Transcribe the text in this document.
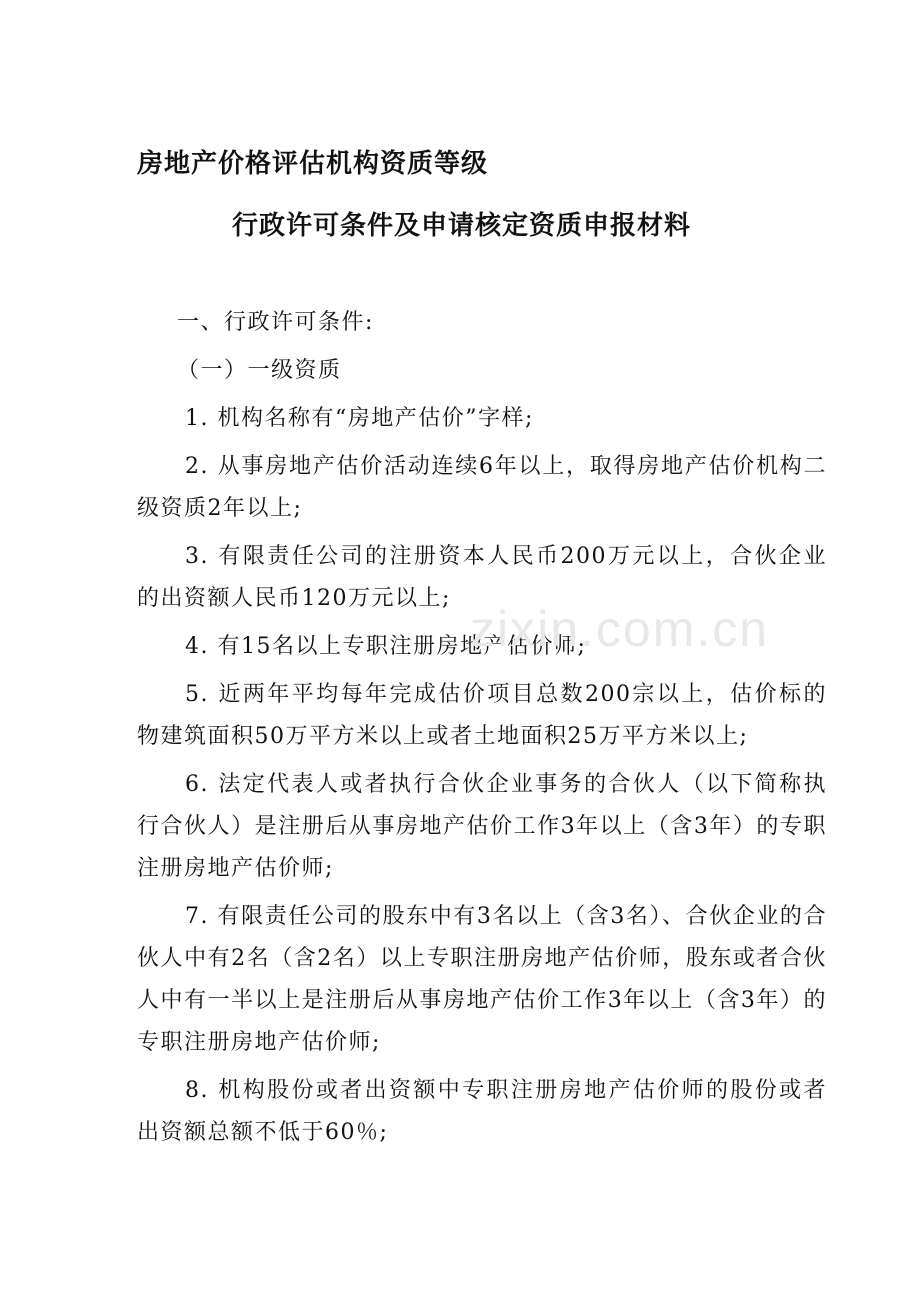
房地产价格评估机构资质等级
行政许可条件及申请核定资质申报材料

一、行政许可条件:

（一）一级资质

1. 机构名称有“房地产估价”字样;

2. 从事房地产估价活动连续6年以上，取得房地产估价机构二级资质2年以上;

3. 有限责任公司的注册资本人民币200万元以上，合伙企业的出资额人民币120万元以上;

4. 有15名以上专职注册房地产估价师;

5. 近两年平均每年完成估价项目总数200宗以上，估价标的物建筑面积50万平方米以上或者土地面积25万平方米以上;

6. 法定代表人或者执行合伙企业事务的合伙人（以下简称执行合伙人）是注册后从事房地产估价工作3年以上（含3年）的专职注册房地产估价师;

7. 有限责任公司的股东中有3名以上（含3名）、合伙企业的合伙人中有2名（含2名）以上专职注册房地产估价师，股东或者合伙人中有一半以上是注册后从事房地产估价工作3年以上（含3年）的专职注册房地产估价师;

8. 机构股份或者出资额中专职注册房地产估价师的股份或者出资额总额不低于60％;

zixin.com.cn
